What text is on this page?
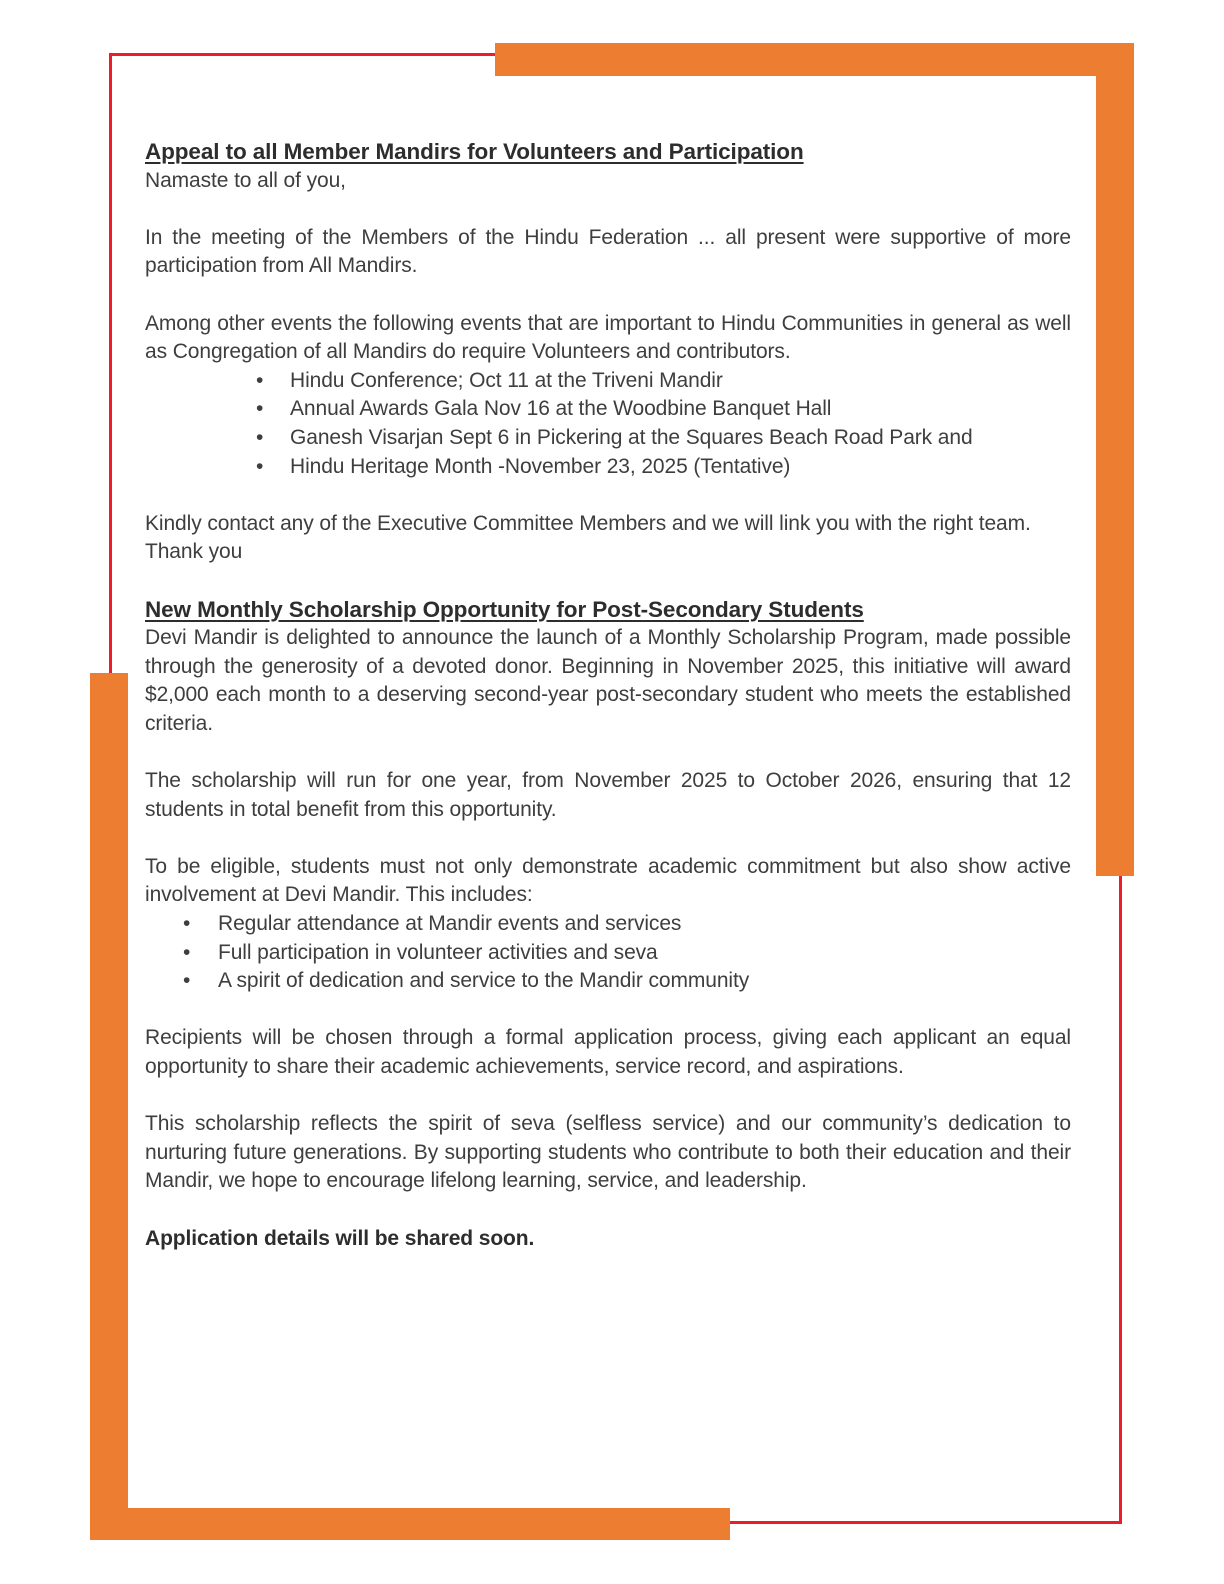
Appeal to all Member Mandirs for Volunteers and Participation

Namaste to all of you,

In the meeting of the Members of the Hindu Federation ... all present were supportive of more participation from All Mandirs.

Among other events the following events that are important to Hindu Communities in general as well as Congregation of all Mandirs do require Volunteers and contributors.

• Hindu Conference; Oct 11 at the Triveni Mandir
• Annual Awards Gala Nov 16 at the Woodbine Banquet Hall
• Ganesh Visarjan Sept 6 in Pickering at the Squares Beach Road Park and
• Hindu Heritage Month -November 23, 2025 (Tentative)

Kindly contact any of the Executive Committee Members and we will link you with the right team.
Thank you

New Monthly Scholarship Opportunity for Post-Secondary Students

Devi Mandir is delighted to announce the launch of a Monthly Scholarship Program, made possible through the generosity of a devoted donor. Beginning in November 2025, this initiative will award $2,000 each month to a deserving second-year post-secondary student who meets the established criteria.

The scholarship will run for one year, from November 2025 to October 2026, ensuring that 12 students in total benefit from this opportunity.

To be eligible, students must not only demonstrate academic commitment but also show active involvement at Devi Mandir. This includes:

• Regular attendance at Mandir events and services
• Full participation in volunteer activities and seva
• A spirit of dedication and service to the Mandir community

Recipients will be chosen through a formal application process, giving each applicant an equal opportunity to share their academic achievements, service record, and aspirations.

This scholarship reflects the spirit of seva (selfless service) and our community’s dedication to nurturing future generations. By supporting students who contribute to both their education and their Mandir, we hope to encourage lifelong learning, service, and leadership.

Application details will be shared soon.
